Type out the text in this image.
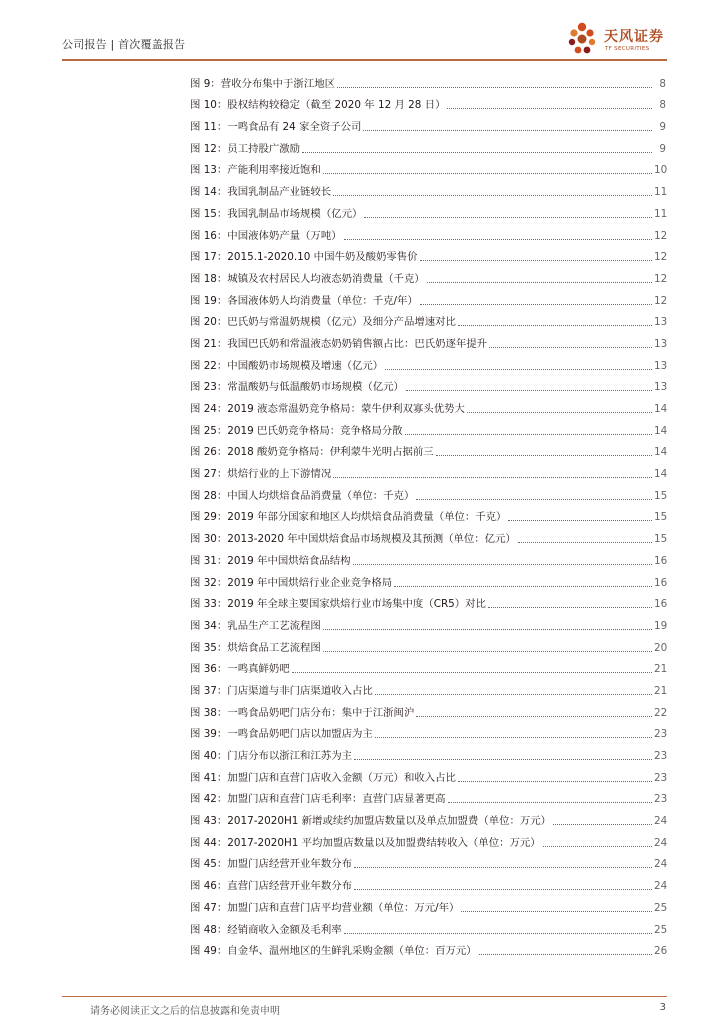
公司报告 | 首次覆盖报告	天风证券
TF SECURITIES
图 9：营收分布集中于浙江地区	8
图 10：股权结构较稳定（截至 2020 年 12 月 28 日）	8
图 11：一鸣食品有 24 家全资子公司	9
图 12：员工持股广激励	9
图 13：产能利用率接近饱和	10
图 14：我国乳制品产业链较长	11
图 15：我国乳制品市场规模（亿元）	11
图 16：中国液体奶产量（万吨）	12
图 17：2015.1-2020.10 中国牛奶及酸奶零售价	12
图 18：城镇及农村居民人均液态奶消费量（千克）	12
图 19：各国液体奶人均消费量（单位：千克/年）	12
图 20：巴氏奶与常温奶规模（亿元）及细分产品增速对比	13
图 21：我国巴氏奶和常温液态奶奶销售额占比：巴氏奶逐年提升	13
图 22：中国酸奶市场规模及增速（亿元）	13
图 23：常温酸奶与低温酸奶市场规模（亿元）	13
图 24：2019 液态常温奶竞争格局：蒙牛伊利双寡头优势大	14
图 25：2019 巴氏奶竞争格局：竞争格局分散	14
图 26：2018 酸奶竞争格局：伊利蒙牛光明占据前三	14
图 27：烘焙行业的上下游情况	14
图 28：中国人均烘焙食品消费量（单位：千克）	15
图 29：2019 年部分国家和地区人均烘焙食品消费量（单位：千克）	15
图 30：2013-2020 年中国烘焙食品市场规模及其预测（单位：亿元）	15
图 31：2019 年中国烘焙食品结构	16
图 32：2019 年中国烘焙行业企业竞争格局	16
图 33：2019 年全球主要国家烘焙行业市场集中度（CR5）对比	16
图 34：乳品生产工艺流程图	19
图 35：烘焙食品工艺流程图	20
图 36：一鸣真鲜奶吧	21
图 37：门店渠道与非门店渠道收入占比	21
图 38：一鸣食品奶吧门店分布：集中于江浙闽沪	22
图 39：一鸣食品奶吧门店以加盟店为主	23
图 40：门店分布以浙江和江苏为主	23
图 41：加盟门店和直营门店收入金额（万元）和收入占比	23
图 42：加盟门店和直营门店毛利率：直营门店显著更高	23
图 43：2017-2020H1 新增或续约加盟店数量以及单点加盟费（单位：万元）	24
图 44：2017-2020H1 平均加盟店数量以及加盟费结转收入（单位：万元）	24
图 45：加盟门店经营开业年数分布	24
图 46：直营门店经营开业年数分布	24
图 47：加盟门店和直营门店平均营业额（单位：万元/年）	25
图 48：经销商收入金额及毛利率	25
图 49：自金华、温州地区的生鲜乳采购金额（单位：百万元）	26
请务必阅读正文之后的信息披露和免责申明	3
